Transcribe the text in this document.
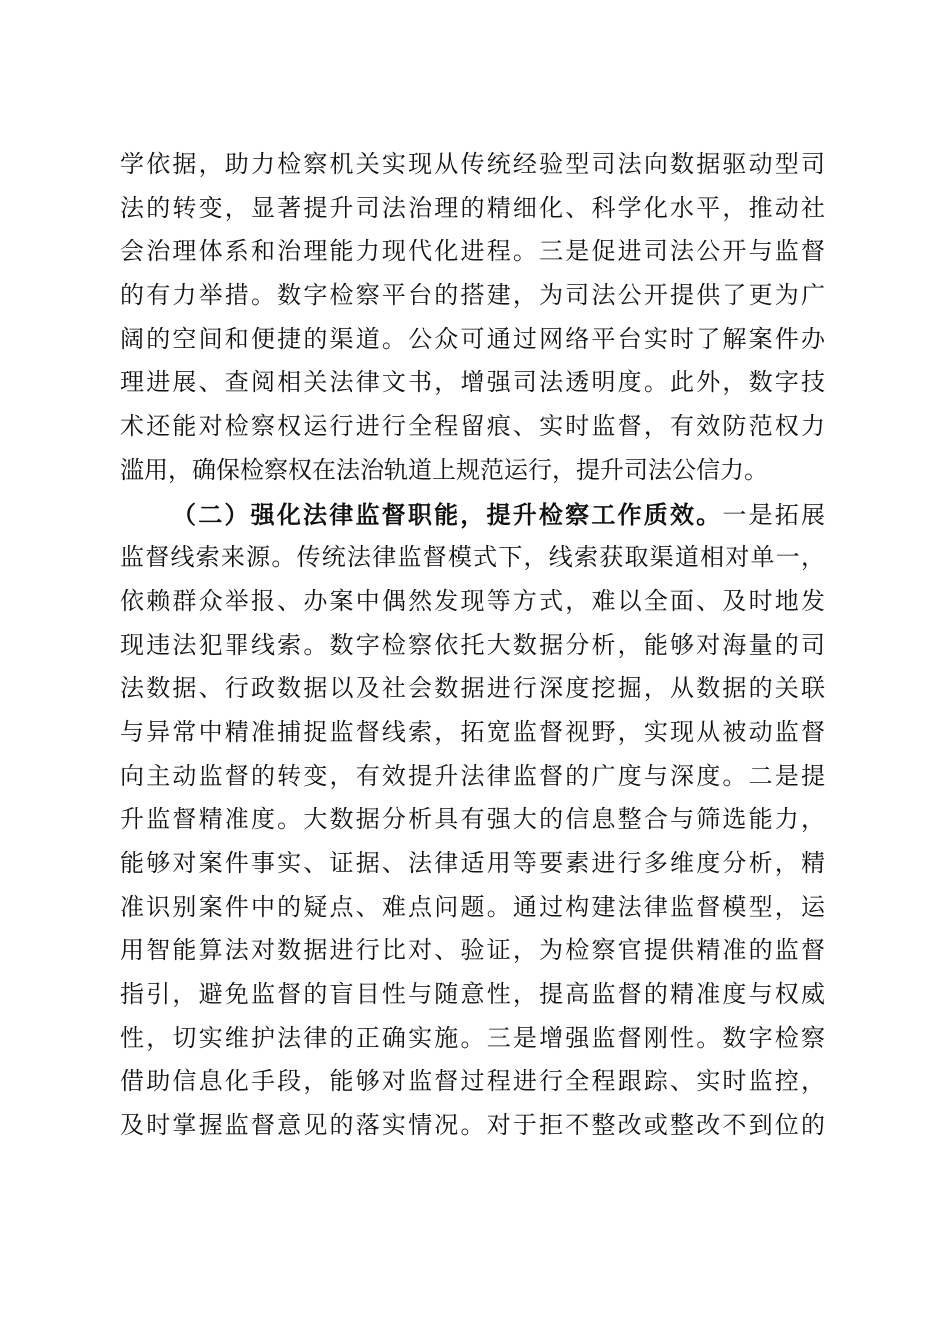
学依据，助力检察机关实现从传统经验型司法向数据驱动型司
法的转变，显著提升司法治理的精细化、科学化水平，推动社
会治理体系和治理能力现代化进程。三是促进司法公开与监督
的有力举措。数字检察平台的搭建，为司法公开提供了更为广
阔的空间和便捷的渠道。公众可通过网络平台实时了解案件办
理进展、查阅相关法律文书，增强司法透明度。此外，数字技
术还能对检察权运行进行全程留痕、实时监督，有效防范权力
滥用，确保检察权在法治轨道上规范运行，提升司法公信力。
（二）强化法律监督职能，提升检察工作质效。一是拓展
监督线索来源。传统法律监督模式下，线索获取渠道相对单一，
依赖群众举报、办案中偶然发现等方式，难以全面、及时地发
现违法犯罪线索。数字检察依托大数据分析，能够对海量的司
法数据、行政数据以及社会数据进行深度挖掘，从数据的关联
与异常中精准捕捉监督线索，拓宽监督视野，实现从被动监督
向主动监督的转变，有效提升法律监督的广度与深度。二是提
升监督精准度。大数据分析具有强大的信息整合与筛选能力，
能够对案件事实、证据、法律适用等要素进行多维度分析，精
准识别案件中的疑点、难点问题。通过构建法律监督模型，运
用智能算法对数据进行比对、验证，为检察官提供精准的监督
指引，避免监督的盲目性与随意性，提高监督的精准度与权威
性，切实维护法律的正确实施。三是增强监督刚性。数字检察
借助信息化手段，能够对监督过程进行全程跟踪、实时监控，
及时掌握监督意见的落实情况。对于拒不整改或整改不到位的
